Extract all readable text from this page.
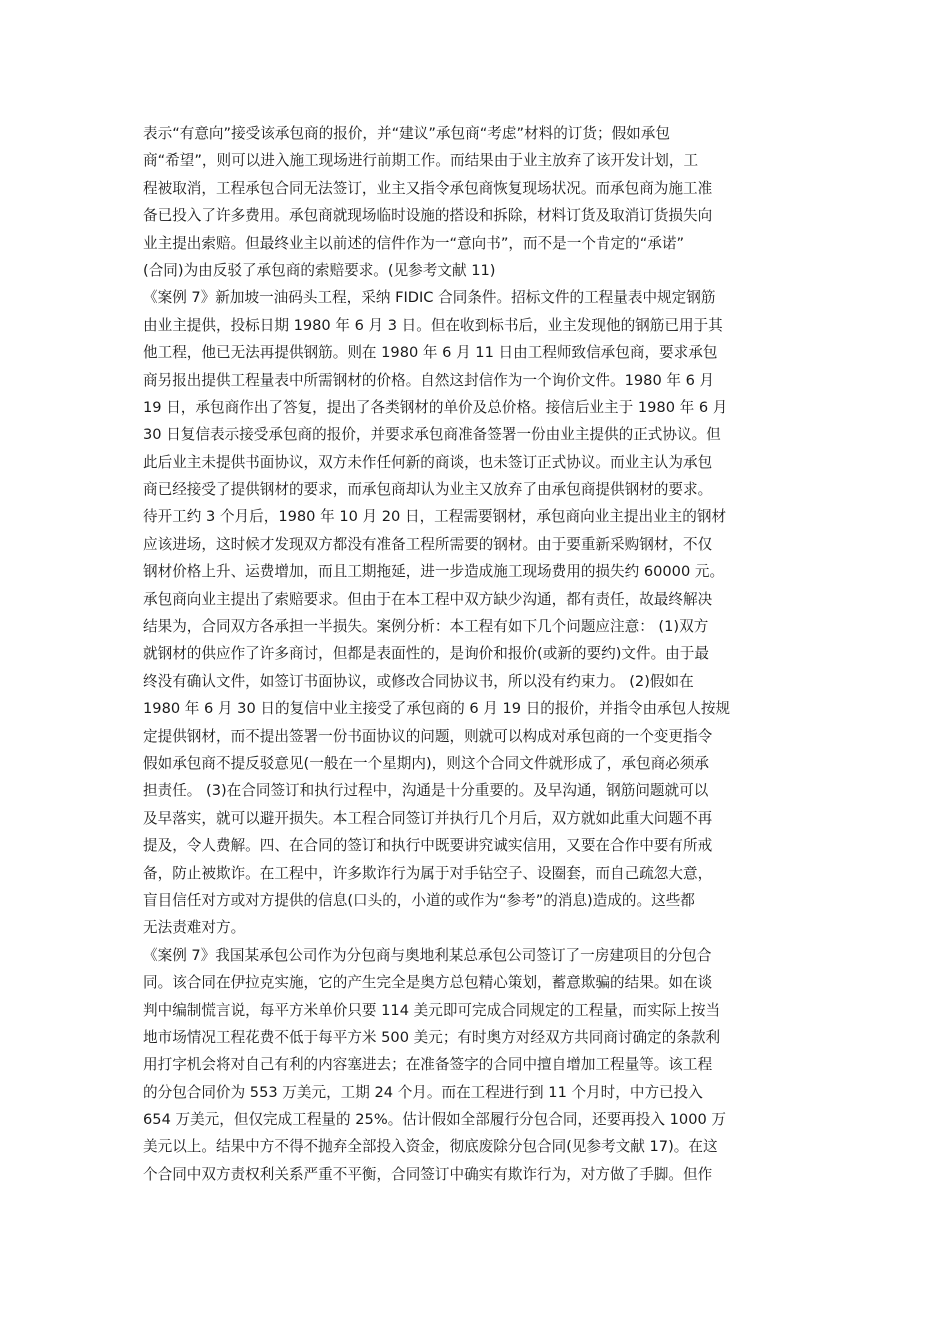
表示“有意向”接受该承包商的报价，并“建议”承包商“考虑”材料的订货；假如承包
商“希望”，则可以进入施工现场进行前期工作。而结果由于业主放弃了该开发计划，工
程被取消，工程承包合同无法签订，业主又指令承包商恢复现场状况。而承包商为施工准
备已投入了许多费用。承包商就现场临时设施的搭设和拆除，材料订货及取消订货损失向
业主提出索赔。但最终业主以前述的信件作为一“意向书”，而不是一个肯定的“承诺”
(合同)为由反驳了承包商的索赔要求。(见参考文献 11)
《案例 7》新加坡一油码头工程，采纳 FIDIC 合同条件。招标文件的工程量表中规定钢筋
由业主提供，投标日期 1980 年 6 月 3 日。但在收到标书后，业主发现他的钢筋已用于其
他工程，他已无法再提供钢筋。则在 1980 年 6 月 11 日由工程师致信承包商，要求承包
商另报出提供工程量表中所需钢材的价格。自然这封信作为一个询价文件。1980 年 6 月
19 日，承包商作出了答复，提出了各类钢材的单价及总价格。接信后业主于 1980 年 6 月
30 日复信表示接受承包商的报价，并要求承包商准备签署一份由业主提供的正式协议。但
此后业主未提供书面协议，双方未作任何新的商谈，也未签订正式协议。而业主认为承包
商已经接受了提供钢材的要求，而承包商却认为业主又放弃了由承包商提供钢材的要求。
待开工约 3 个月后，1980 年 10 月 20 日，工程需要钢材，承包商向业主提出业主的钢材
应该进场，这时候才发现双方都没有准备工程所需要的钢材。由于要重新采购钢材，不仅
钢材价格上升、运费增加，而且工期拖延，进一步造成施工现场费用的损失约 60000 元。
承包商向业主提出了索赔要求。但由于在本工程中双方缺少沟通，都有责任，故最终解决
结果为，合同双方各承担一半损失。案例分析：本工程有如下几个问题应注意： (1)双方
就钢材的供应作了许多商讨，但都是表面性的，是询价和报价(或新的要约)文件。由于最
终没有确认文件，如签订书面协议，或修改合同协议书，所以没有约束力。 (2)假如在
1980 年 6 月 30 日的复信中业主接受了承包商的 6 月 19 日的报价，并指令由承包人按规
定提供钢材，而不提出签署一份书面协议的问题，则就可以构成对承包商的一个变更指令
假如承包商不提反驳意见(一般在一个星期内)，则这个合同文件就形成了，承包商必须承
担责任。 (3)在合同签订和执行过程中，沟通是十分重要的。及早沟通，钢筋问题就可以
及早落实，就可以避开损失。本工程合同签订并执行几个月后，双方就如此重大问题不再
提及，令人费解。四、在合同的签订和执行中既要讲究诚实信用，又要在合作中要有所戒
备，防止被欺诈。在工程中，许多欺诈行为属于对手钻空子、设圈套，而自己疏忽大意，
盲目信任对方或对方提供的信息(口头的，小道的或作为“参考”的消息)造成的。这些都
无法责难对方。
《案例 7》我国某承包公司作为分包商与奥地利某总承包公司签订了一房建项目的分包合
同。该合同在伊拉克实施，它的产生完全是奥方总包精心策划，蓄意欺骗的结果。如在谈
判中编制慌言说，每平方米单价只要 114 美元即可完成合同规定的工程量，而实际上按当
地市场情况工程花费不低于每平方米 500 美元；有时奥方对经双方共同商讨确定的条款利
用打字机会将对自己有利的内容塞进去；在准备签字的合同中擅自增加工程量等。该工程
的分包合同价为 553 万美元，工期 24 个月。而在工程进行到 11 个月时，中方已投入
654 万美元，但仅完成工程量的 25%。估计假如全部履行分包合同，还要再投入 1000 万
美元以上。结果中方不得不抛弃全部投入资金，彻底废除分包合同(见参考文献 17)。在这
个合同中双方责权利关系严重不平衡，合同签订中确实有欺诈行为，对方做了手脚。但作
